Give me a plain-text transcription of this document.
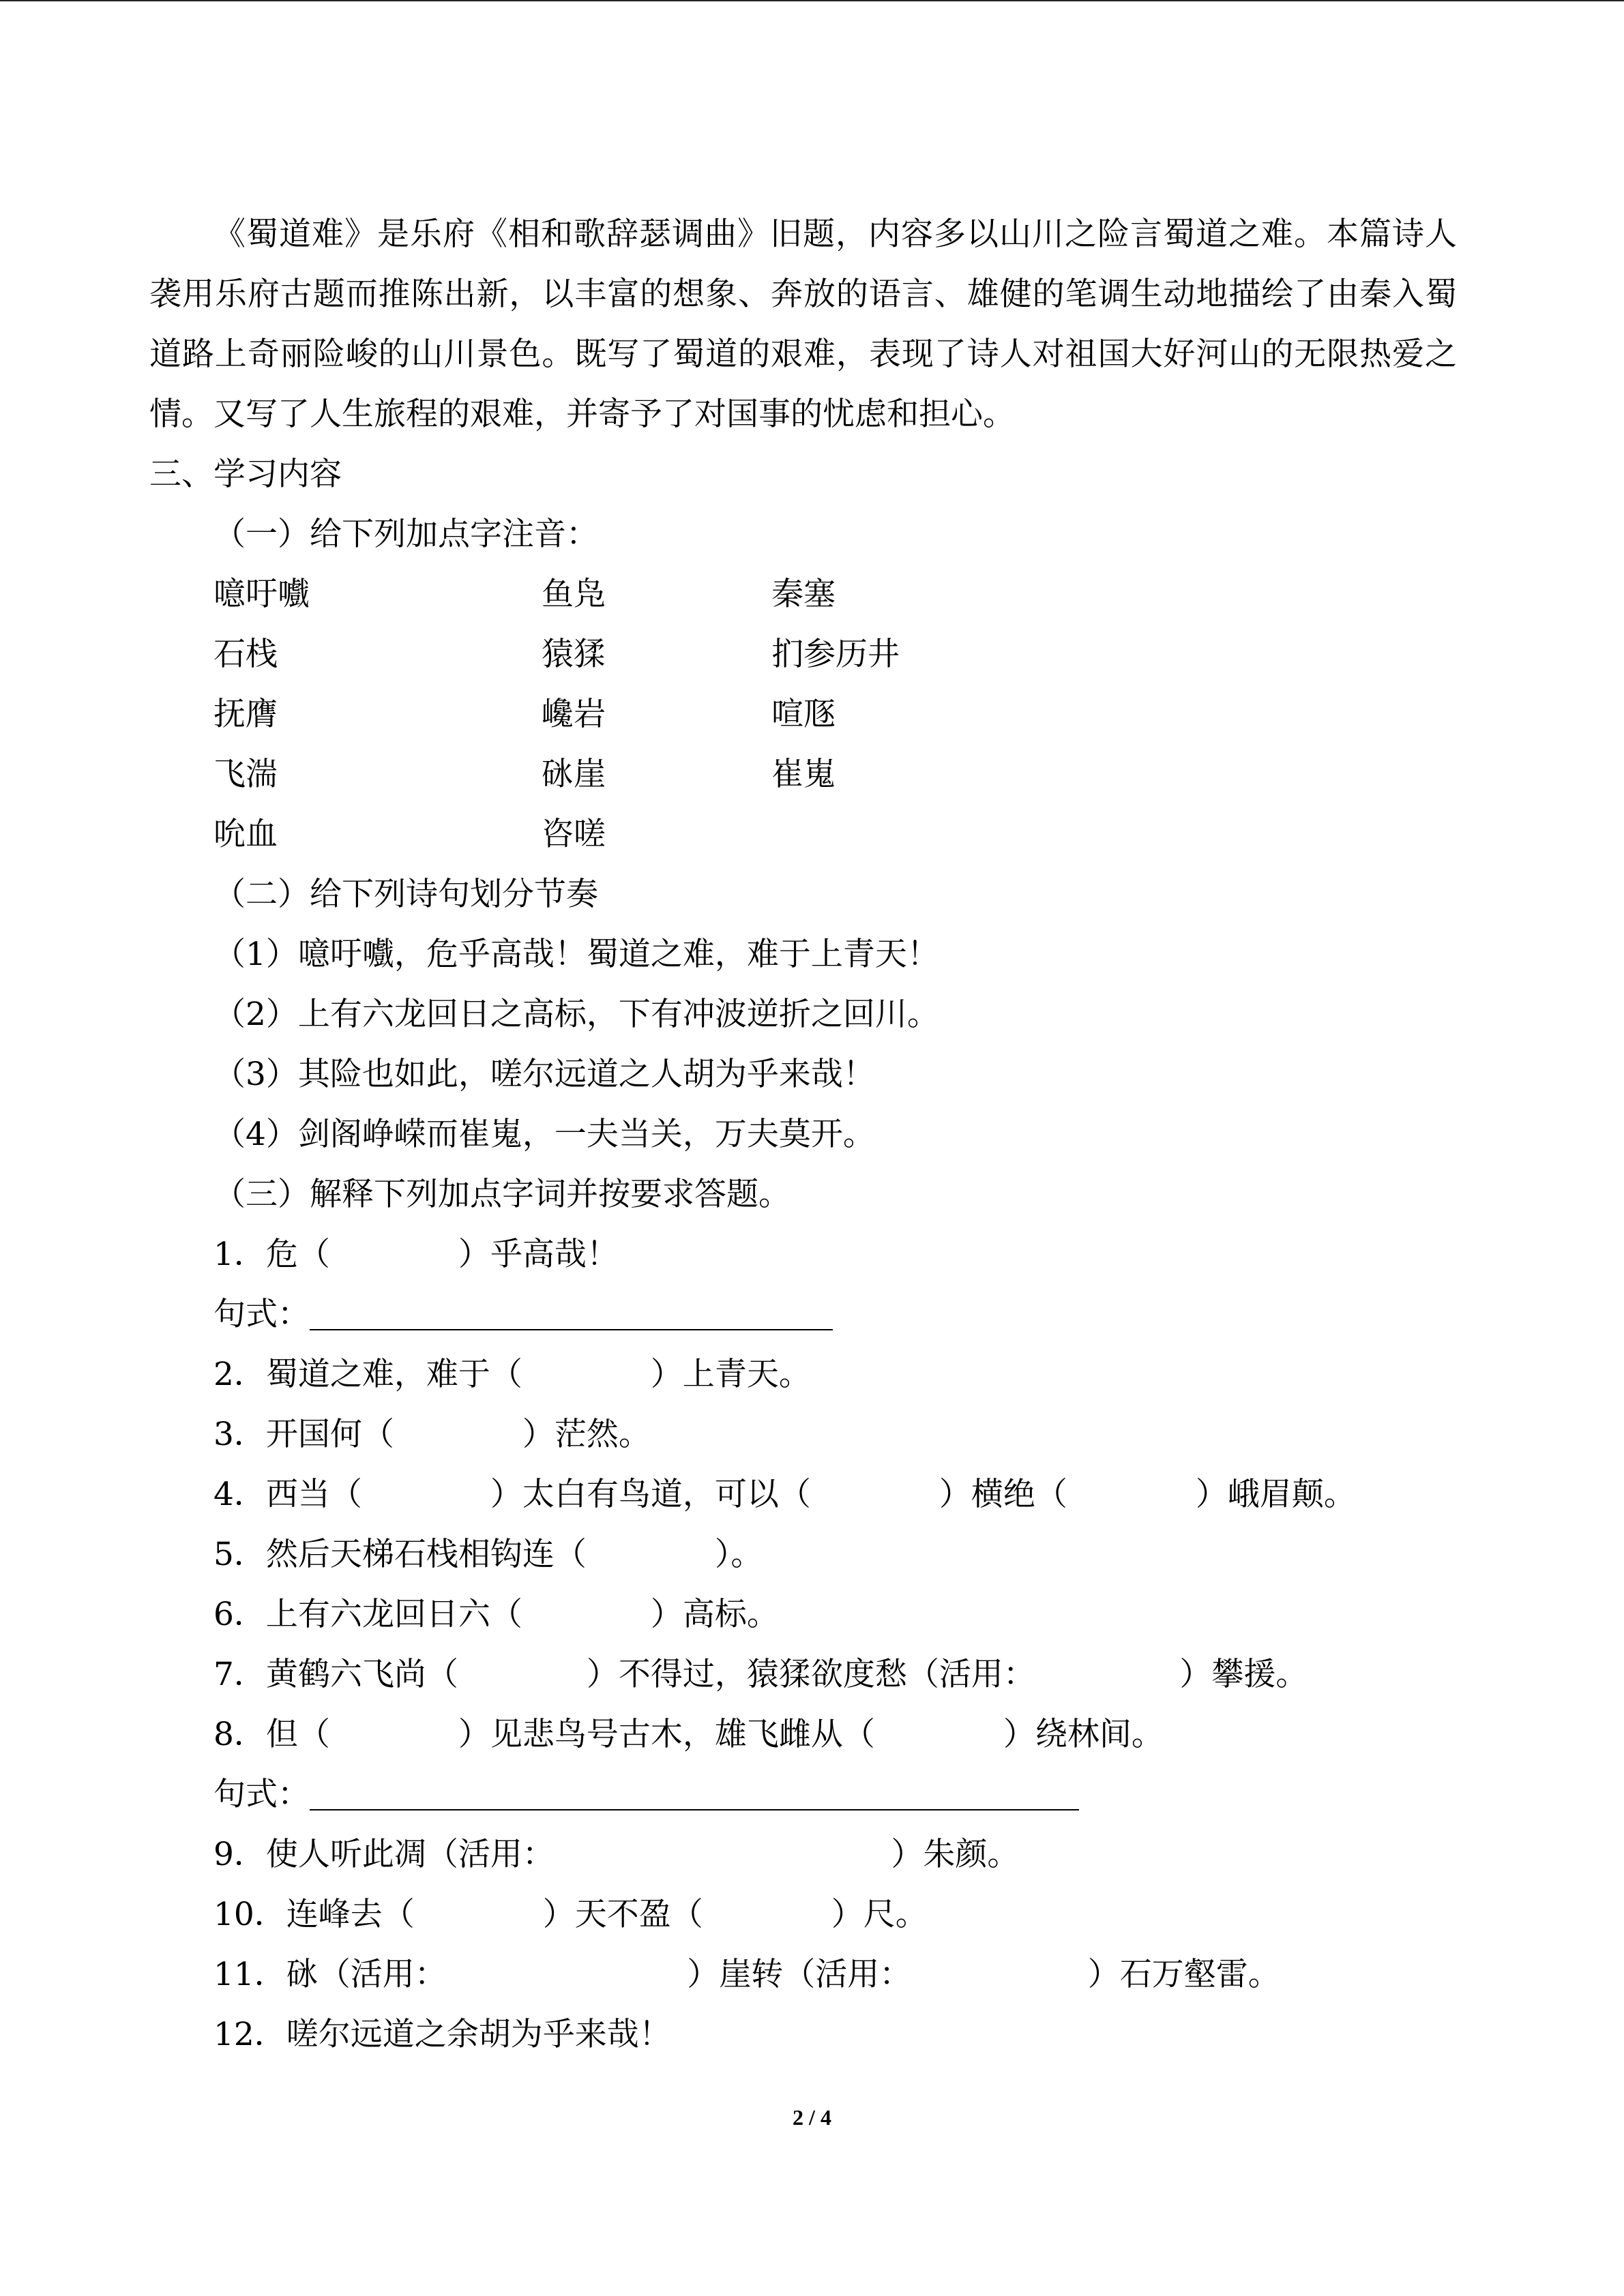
《蜀道难》是乐府《相和歌辞瑟调曲》旧题，内容多以山川之险言蜀道之难。本篇诗人
袭用乐府古题而推陈出新，以丰富的想象、奔放的语言、雄健的笔调生动地描绘了由秦入蜀
道路上奇丽险峻的山川景色。既写了蜀道的艰难，表现了诗人对祖国大好河山的无限热爱之
情。又写了人生旅程的艰难，并寄予了对国事的忧虑和担心。
三、学习内容
（一）给下列加点字注音：
噫吁嚱	鱼凫	秦塞
石栈	猿猱	扪参历井
抚膺	巉岩	喧豗
飞湍	砯崖	崔嵬
吮血	咨嗟
（二）给下列诗句划分节奏
（1）噫吁嚱，危乎高哉！蜀道之难，难于上青天！
（2）上有六龙回日之高标，下有冲波逆折之回川。
（3）其险也如此，嗟尔远道之人胡为乎来哉！
（4）剑阁峥嵘而崔嵬，一夫当关，万夫莫开。
（三）解释下列加点字词并按要求答题。
1．危（　　　　）乎高哉！
句式：
2．蜀道之难，难于（　　　　）上青天。
3．开国何（　　　　）茫然。
4．西当（　　　　）太白有鸟道，可以（　　　　）横绝（　　　　）峨眉颠。
5．然后天梯石栈相钩连（　　　　）。
6．上有六龙回日六（　　　　）高标。
7．黄鹤六飞尚（　　　　）不得过，猿猱欲度愁（活用：　　　　　）攀援。
8．但（　　　　）见悲鸟号古木，雄飞雌从（　　　　）绕林间。
句式：
9．使人听此凋（活用：　　　　　　　　　　　）朱颜。
10．连峰去（　　　　）天不盈（　　　　）尺。
11．砯（活用：　　　　　　　　）崖转（活用：　　　　　　）石万壑雷。
12．嗟尔远道之余胡为乎来哉！
2 / 4
